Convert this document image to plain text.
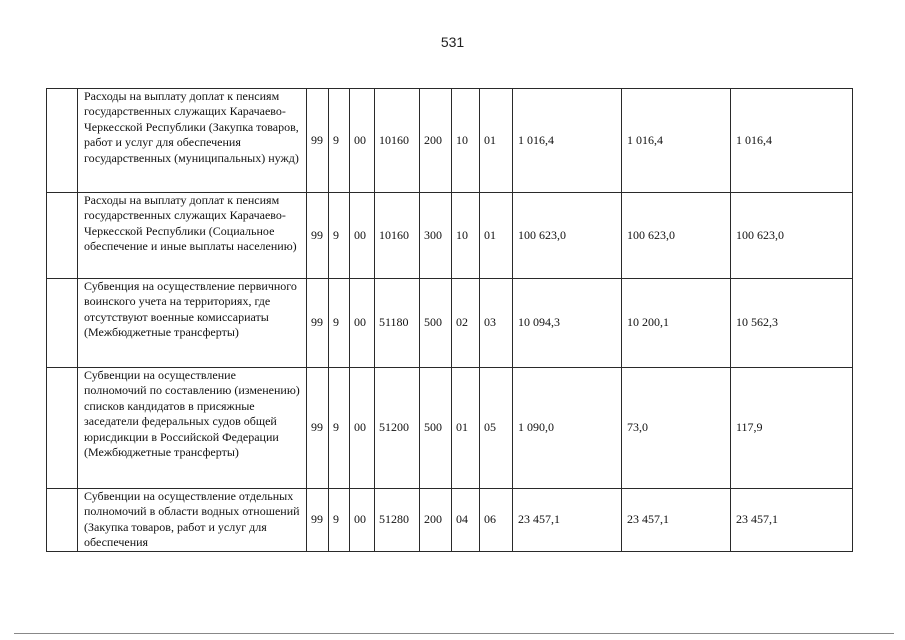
531
	Расходы на выплату доплат к пенсиям государственных служащих Карачаево-Черкесской Республики (Закупка товаров, работ и услуг для обеспечения государственных (муниципальных) нужд)	99	9	00	10160	200	10	01	1 016,4	1 016,4	1 016,4
	Расходы на выплату доплат к пенсиям государственных служащих Карачаево-Черкесской Республики (Социальное обеспечение и иные выплаты населению)	99	9	00	10160	300	10	01	100 623,0	100 623,0	100 623,0
	Субвенция на осуществление первичного воинского учета на территориях, где отсутствуют военные комиссариаты (Межбюджетные трансферты)	99	9	00	51180	500	02	03	10 094,3	10 200,1	10 562,3
	Субвенции на осуществление полномочий по составлению (изменению) списков кандидатов в присяжные заседатели федеральных судов общей юрисдикции в Российской Федерации (Межбюджетные трансферты)	99	9	00	51200	500	01	05	1 090,0	73,0	117,9
	Субвенции на осуществление отдельных полномочий в области водных отношений (Закупка товаров, работ и услуг для обеспечения	99	9	00	51280	200	04	06	23 457,1	23 457,1	23 457,1
